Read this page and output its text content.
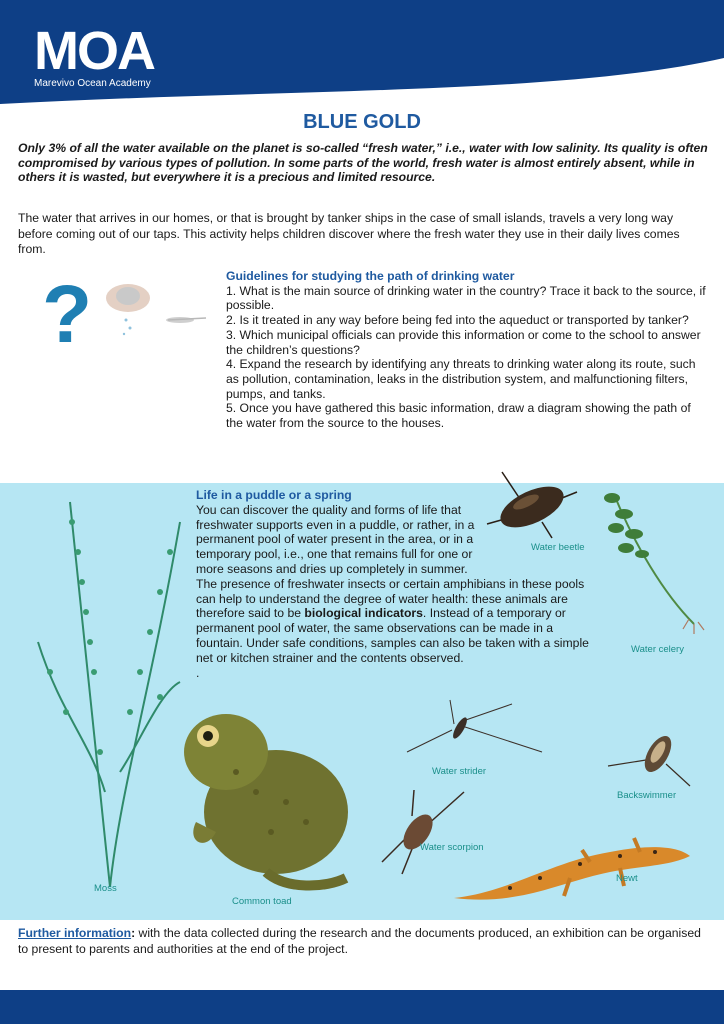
MOA
Marevivo Ocean Academy
BLUE GOLD
Only 3% of all the water available on the planet is so-called “fresh water,” i.e., water with low salinity. Its quality is often compromised by various types of pollution. In some parts of the world, fresh water is almost entirely absent, while in others it is wasted, but everywhere it is a precious and limited resource.
The water that arrives in our homes, or that is brought by tanker ships in the case of small islands, travels a very long way before coming out of our taps. This activity helps children discover where the fresh water they use in their daily lives comes from.
?	Guidelines for studying the path of drinking water

1. What is the main source of drinking water in the country? Trace it back to the source, if possible.

2. Is it treated in any way before being fed into the aqueduct or transported by tanker?

3. Which municipal officials can provide this information or come to the school to answer the children’s questions?

4. Expand the research by identifying any threats to drinking water along its route, such as pollution, contamination, leaks in the distribution system, and malfunctioning filters, pumps, and tanks.

5. Once you have gathered this basic information, draw a diagram showing the path of the water from the source to the houses.

Life in a puddle or a spring

You can discover the quality and forms of life that freshwater supports even in a puddle, or rather, in a permanent pool of water present in the area, or in a temporary pool, i.e., one that remains full for one or more seasons and dries up completely in summer.

The presence of freshwater insects or certain amphibians in these pools can help to understand the degree of water health: these animals are therefore said to be biological indicators. Instead of a temporary or permanent pool of water, the same observations can be made in a fountain. Under safe conditions, samples can also be taken with a simple net or kitchen strainer and the contents observed.

.

Water beetle
Water celery
Water strider
Backswimmer
Water scorpion
Newt
Moss
Common toad
Further information: with the data collected during the research and the documents produced, an exhibition can be organised to present to parents and authorities at the end of the project.
